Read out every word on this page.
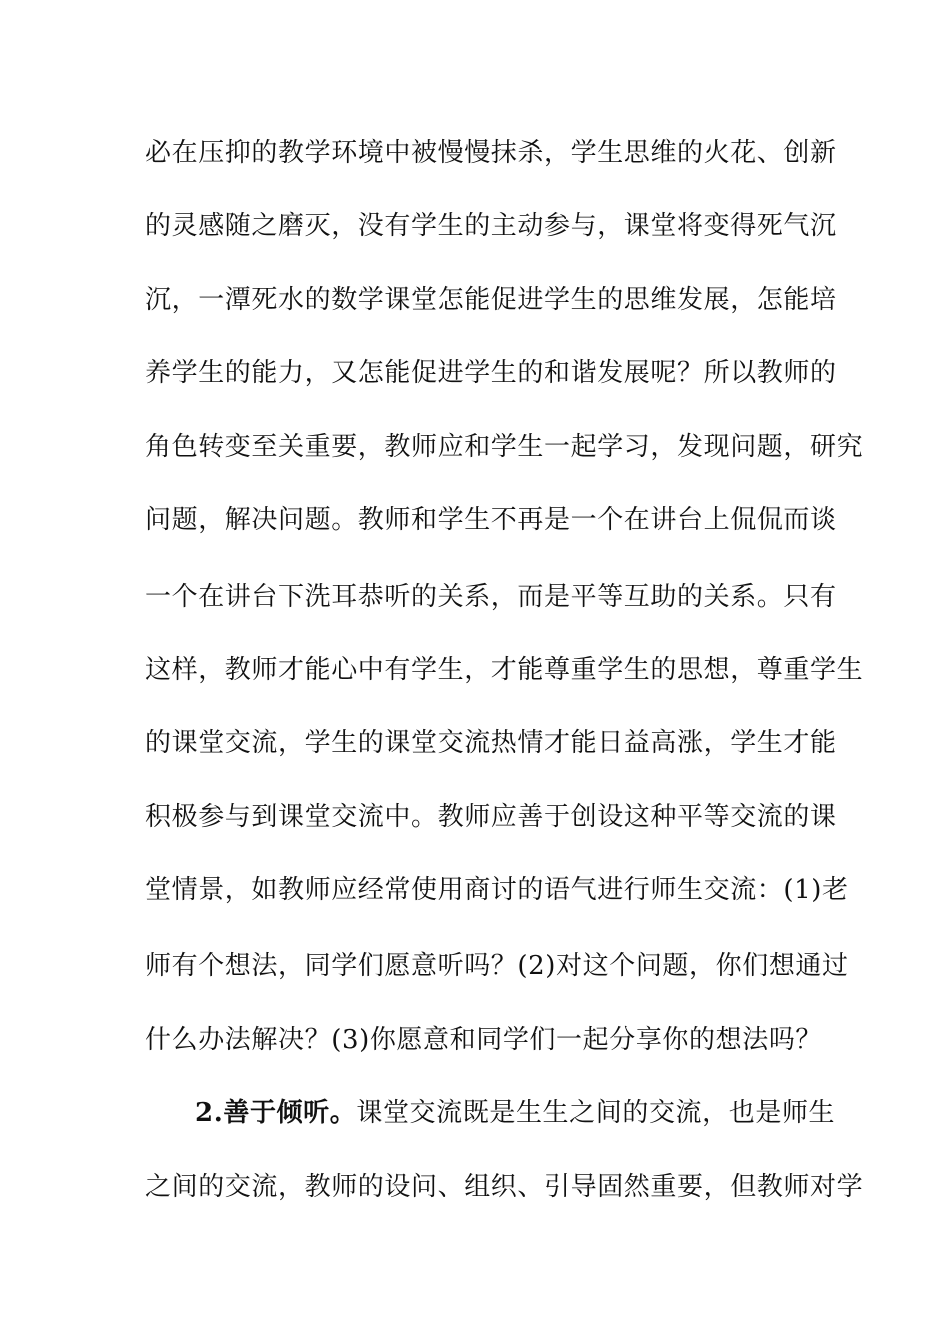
必在压抑的教学环境中被慢慢抹杀，学生思维的火花、创新
的灵感随之磨灭，没有学生的主动参与，课堂将变得死气沉
沉，一潭死水的数学课堂怎能促进学生的思维发展，怎能培
养学生的能力，又怎能促进学生的和谐发展呢？所以教师的
角色转变至关重要，教师应和学生一起学习，发现问题，研究
问题，解决问题。教师和学生不再是一个在讲台上侃侃而谈
一个在讲台下洗耳恭听的关系，而是平等互助的关系。只有
这样，教师才能心中有学生，才能尊重学生的思想，尊重学生
的课堂交流，学生的课堂交流热情才能日益高涨，学生才能
积极参与到课堂交流中。教师应善于创设这种平等交流的课
堂情景，如教师应经常使用商讨的语气进行师生交流：(1)老
师有个想法，同学们愿意听吗？(2)对这个问题，你们想通过
什么办法解决？(3)你愿意和同学们一起分享你的想法吗？
2.善于倾听。课堂交流既是生生之间的交流，也是师生
之间的交流，教师的设问、组织、引导固然重要，但教师对学
